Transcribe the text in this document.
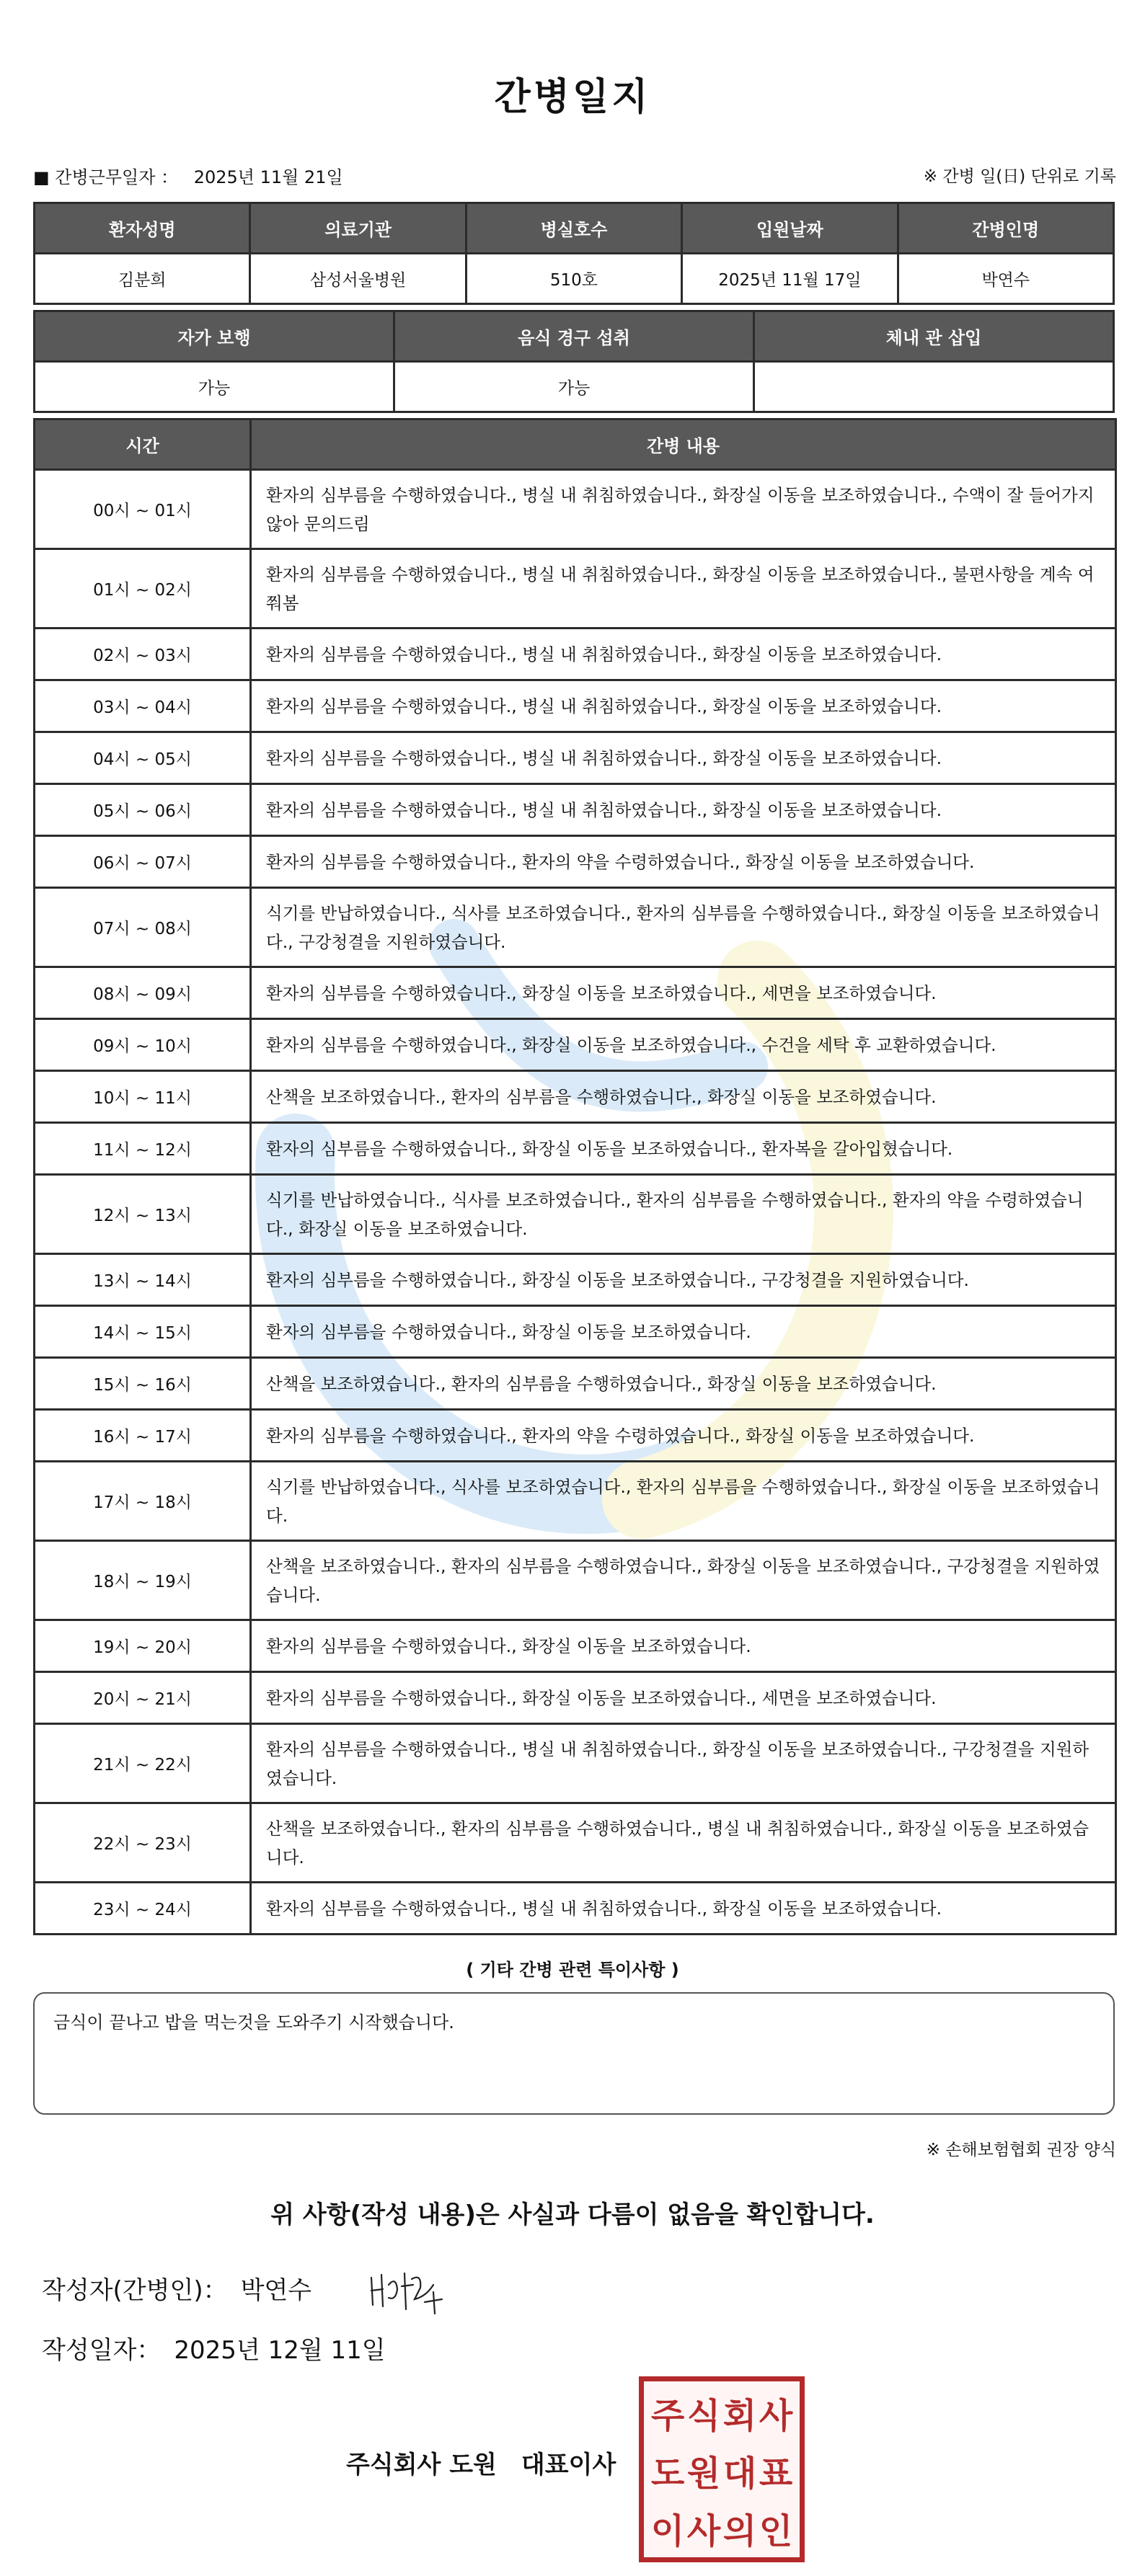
간병일지
■ 간병근무일자 ： 2025년 11월 21일	※ 간병 일(日) 단위로 기록
환자성명	의료기관	병실호수	입원날짜	간병인명
김분희	삼성서울병원	510호	2025년 11월 17일	박연수
자가 보행	음식 경구 섭취	체내 관 삽입
가능	가능	
시간	간병 내용
00시 ~ 01시	환자의 심부름을 수행하였습니다., 병실 내 취침하였습니다., 화장실 이동을 보조하였습니다., 수액이 잘 들어가지 않아 문의드림
01시 ~ 02시	환자의 심부름을 수행하였습니다., 병실 내 취침하였습니다., 화장실 이동을 보조하였습니다., 불편사항을 계속 여쭤봄
02시 ~ 03시	환자의 심부름을 수행하였습니다., 병실 내 취침하였습니다., 화장실 이동을 보조하였습니다.
03시 ~ 04시	환자의 심부름을 수행하였습니다., 병실 내 취침하였습니다., 화장실 이동을 보조하였습니다.
04시 ~ 05시	환자의 심부름을 수행하였습니다., 병실 내 취침하였습니다., 화장실 이동을 보조하였습니다.
05시 ~ 06시	환자의 심부름을 수행하였습니다., 병실 내 취침하였습니다., 화장실 이동을 보조하였습니다.
06시 ~ 07시	환자의 심부름을 수행하였습니다., 환자의 약을 수령하였습니다., 화장실 이동을 보조하였습니다.
07시 ~ 08시	식기를 반납하였습니다., 식사를 보조하였습니다., 환자의 심부름을 수행하였습니다., 화장실 이동을 보조하였습니다., 구강청결을 지원하였습니다.
08시 ~ 09시	환자의 심부름을 수행하였습니다., 화장실 이동을 보조하였습니다., 세면을 보조하였습니다.
09시 ~ 10시	환자의 심부름을 수행하였습니다., 화장실 이동을 보조하였습니다., 수건을 세탁 후 교환하였습니다.
10시 ~ 11시	산책을 보조하였습니다., 환자의 심부름을 수행하였습니다., 화장실 이동을 보조하였습니다.
11시 ~ 12시	환자의 심부름을 수행하였습니다., 화장실 이동을 보조하였습니다., 환자복을 갈아입혔습니다.
12시 ~ 13시	식기를 반납하였습니다., 식사를 보조하였습니다., 환자의 심부름을 수행하였습니다., 환자의 약을 수령하였습니다., 화장실 이동을 보조하였습니다.
13시 ~ 14시	환자의 심부름을 수행하였습니다., 화장실 이동을 보조하였습니다., 구강청결을 지원하였습니다.
14시 ~ 15시	환자의 심부름을 수행하였습니다., 화장실 이동을 보조하였습니다.
15시 ~ 16시	산책을 보조하였습니다., 환자의 심부름을 수행하였습니다., 화장실 이동을 보조하였습니다.
16시 ~ 17시	환자의 심부름을 수행하였습니다., 환자의 약을 수령하였습니다., 화장실 이동을 보조하였습니다.
17시 ~ 18시	식기를 반납하였습니다., 식사를 보조하였습니다., 환자의 심부름을 수행하였습니다., 화장실 이동을 보조하였습니다.
18시 ~ 19시	산책을 보조하였습니다., 환자의 심부름을 수행하였습니다., 화장실 이동을 보조하였습니다., 구강청결을 지원하였습니다.
19시 ~ 20시	환자의 심부름을 수행하였습니다., 화장실 이동을 보조하였습니다.
20시 ~ 21시	환자의 심부름을 수행하였습니다., 화장실 이동을 보조하였습니다., 세면을 보조하였습니다.
21시 ~ 22시	환자의 심부름을 수행하였습니다., 병실 내 취침하였습니다., 화장실 이동을 보조하였습니다., 구강청결을 지원하였습니다.
22시 ~ 23시	산책을 보조하였습니다., 환자의 심부름을 수행하였습니다., 병실 내 취침하였습니다., 화장실 이동을 보조하였습니다.
23시 ~ 24시	환자의 심부름을 수행하였습니다., 병실 내 취침하였습니다., 화장실 이동을 보조하였습니다.
( 기타 간병 관련 특이사항 )
금식이 끝나고 밥을 먹는것을 도와주기 시작했습니다.
※ 손해보험협회 권장 양식
위 사항(작성 내용)은 사실과 다름이 없음을 확인합니다.
작성자(간병인)： 박연수
작성일자： 2025년 12월 11일
주식회사 도원 대표이사
주 식 회 사
도 원 대 표
이 사 의 인
